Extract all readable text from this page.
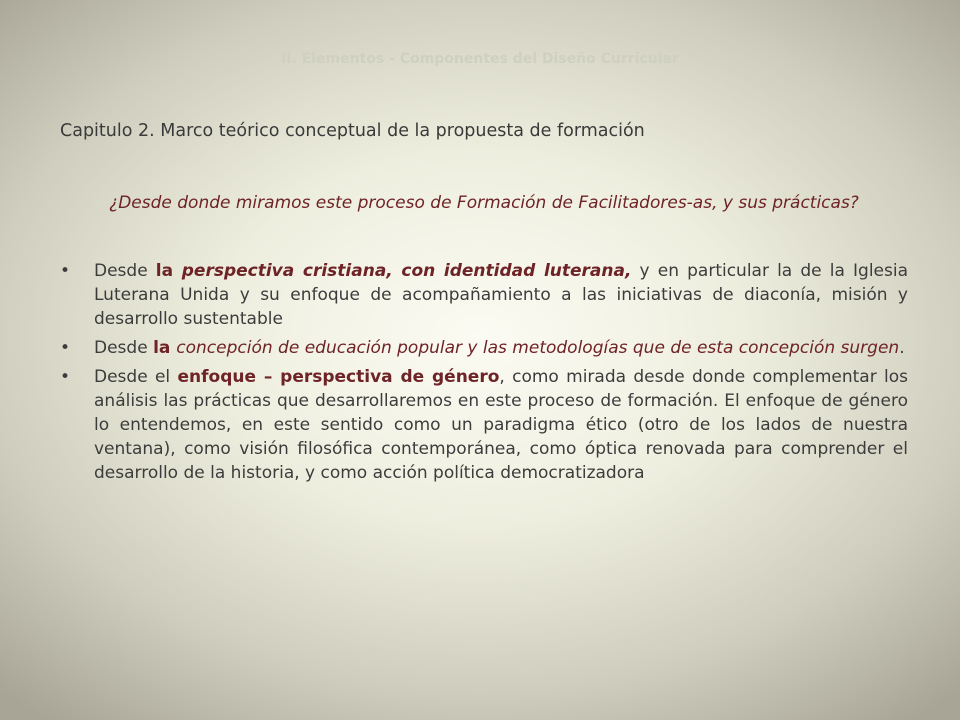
II. Elementos - Componentes del Diseño Curricular

Capitulo 2. Marco teórico conceptual de la propuesta de formación

¿Desde donde miramos este proceso de Formación de Facilitadores-as, y sus prácticas?

• Desde la perspectiva cristiana, con identidad luterana, y en particular la de la Iglesia Luterana Unida y su enfoque de acompañamiento a las iniciativas de diaconía, misión y desarrollo sustentable
• Desde la concepción de educación popular y las metodologías que de esta concepción surgen.
• Desde el enfoque – perspectiva de género, como mirada desde donde complementar los análisis las prácticas que desarrollaremos en este proceso de formación. El enfoque de género lo entendemos, en este sentido como un paradigma ético (otro de los lados de nuestra ventana), como visión filosófica contemporánea, como óptica renovada para comprender el desarrollo de la historia, y como acción política democratizadora
